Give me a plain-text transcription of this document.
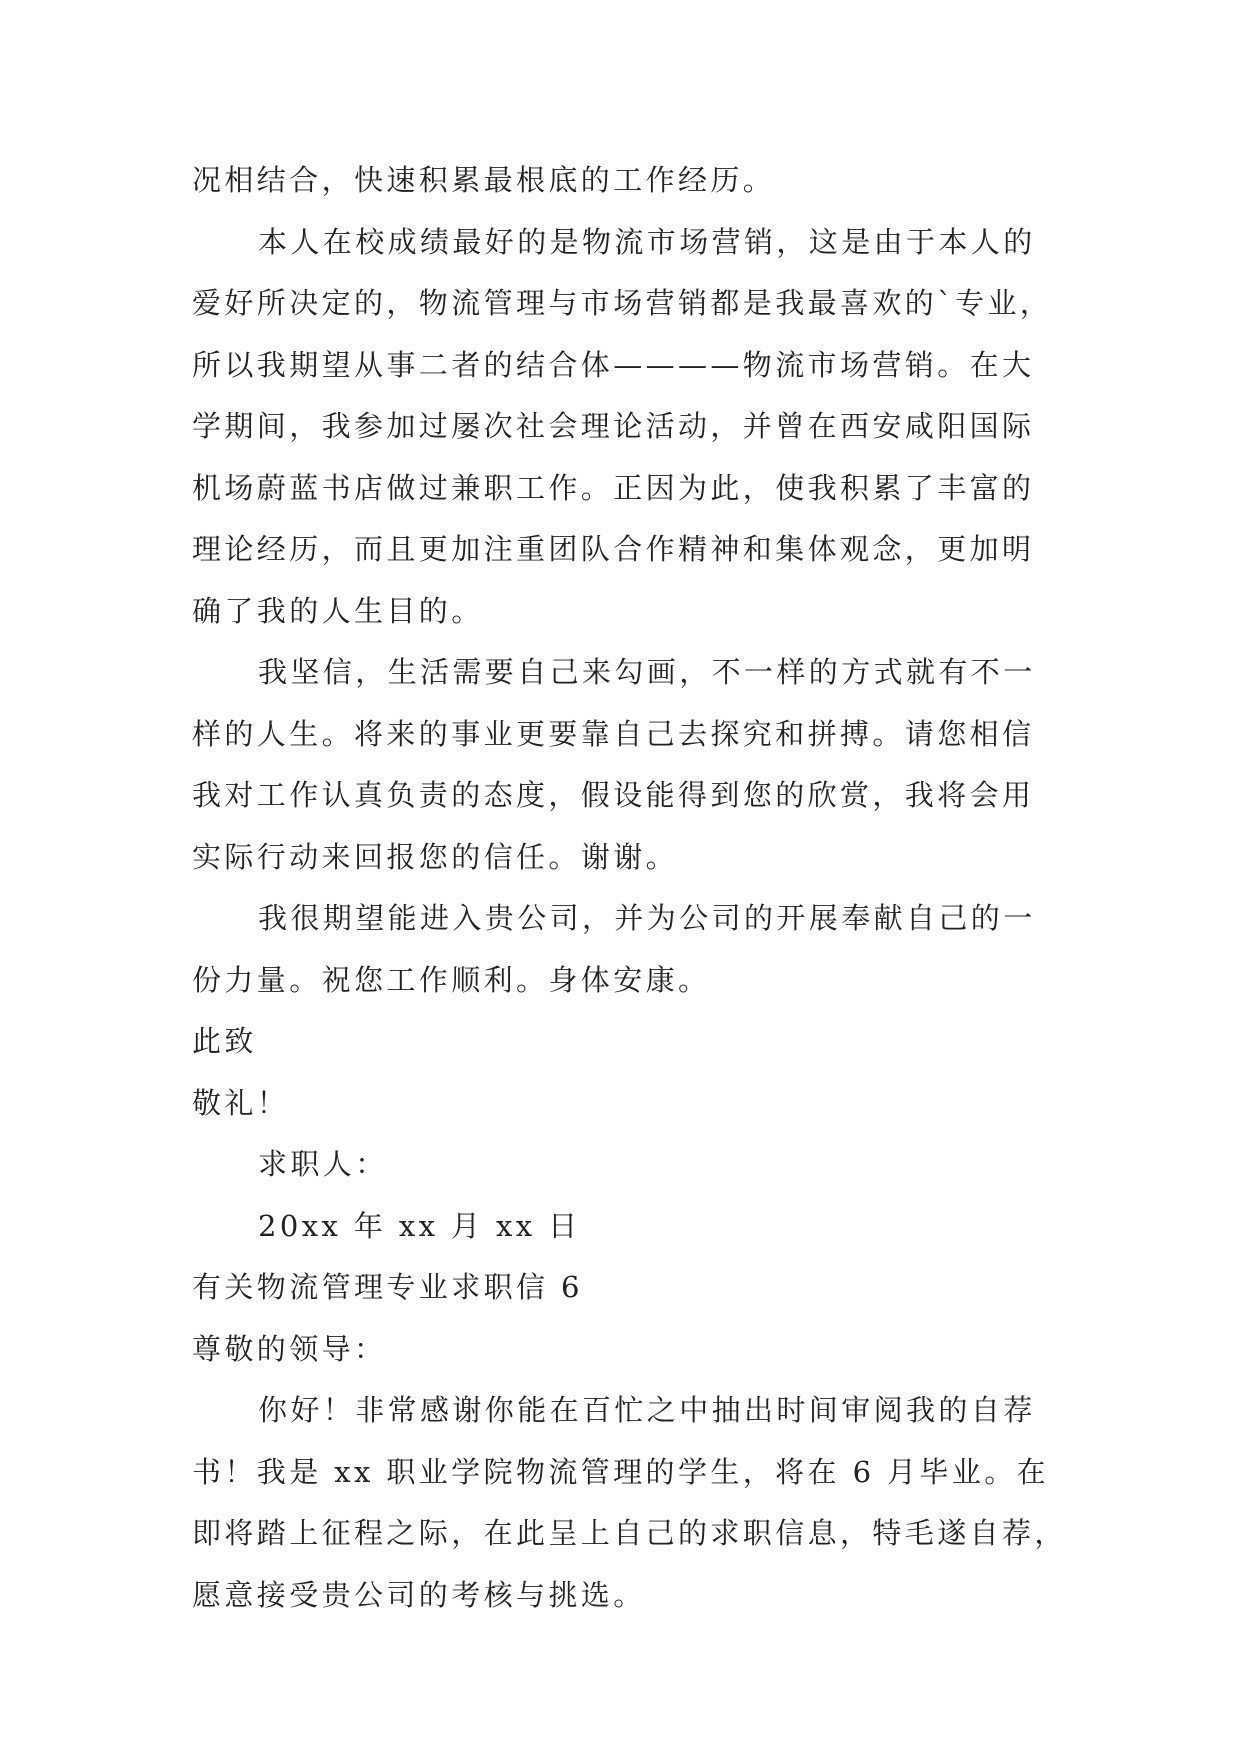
况相结合，快速积累最根底的工作经历。
本人在校成绩最好的是物流市场营销，这是由于本人的
爱好所决定的，物流管理与市场营销都是我最喜欢的`专业，
所以我期望从事二者的结合体————物流市场营销。在大
学期间，我参加过屡次社会理论活动，并曾在西安咸阳国际
机场蔚蓝书店做过兼职工作。正因为此，使我积累了丰富的
理论经历，而且更加注重团队合作精神和集体观念，更加明
确了我的人生目的。
我坚信，生活需要自己来勾画，不一样的方式就有不一
样的人生。将来的事业更要靠自己去探究和拼搏。请您相信
我对工作认真负责的态度，假设能得到您的欣赏，我将会用
实际行动来回报您的信任。谢谢。
我很期望能进入贵公司，并为公司的开展奉献自己的一
份力量。祝您工作顺利。身体安康。
此致
敬礼！
求职人：
20xx 年 xx 月 xx 日
有关物流管理专业求职信 6
尊敬的领导：
你好！非常感谢你能在百忙之中抽出时间审阅我的自荐
书！我是 xx 职业学院物流管理的学生，将在 6 月毕业。在
即将踏上征程之际，在此呈上自己的求职信息，特毛遂自荐，
愿意接受贵公司的考核与挑选。
